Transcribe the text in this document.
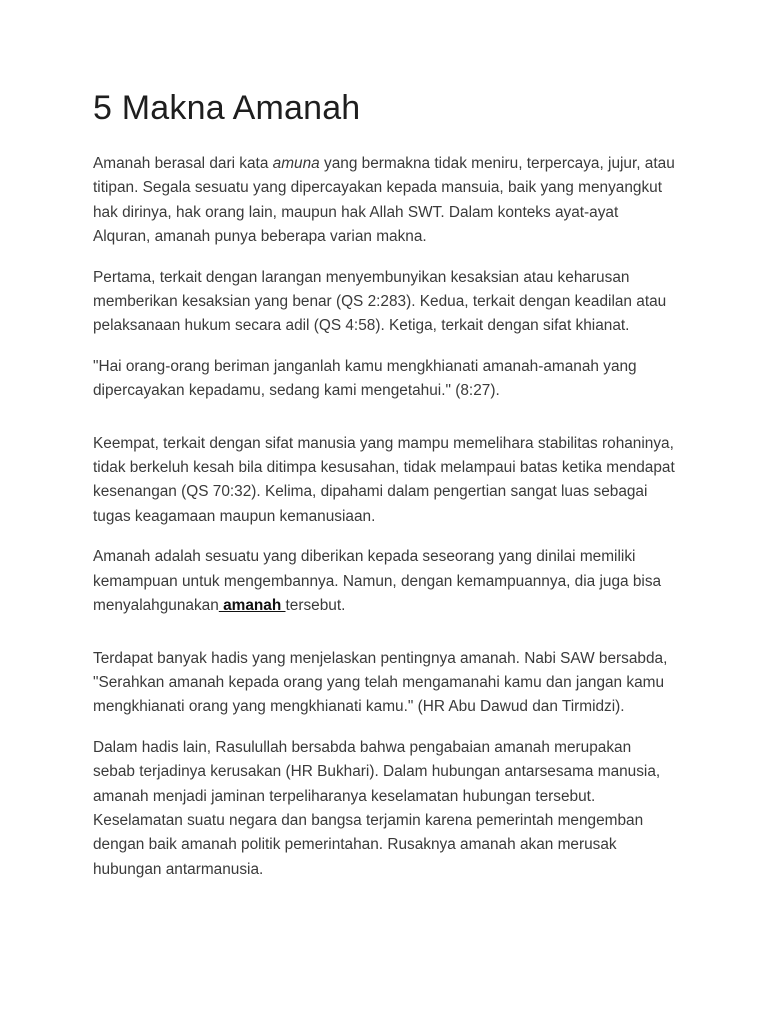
5 Makna Amanah

Amanah berasal dari kata amuna yang bermakna tidak meniru, terpercaya, jujur, atau titipan. Segala sesuatu yang dipercayakan kepada mansuia, baik yang menyangkut hak dirinya, hak orang lain, maupun hak Allah SWT. Dalam konteks ayat-ayat Alquran, amanah punya beberapa varian makna.

Pertama, terkait dengan larangan menyembunyikan kesaksian atau keharusan memberikan kesaksian yang benar (QS 2:283). Kedua, terkait dengan keadilan atau pelaksanaan hukum secara adil (QS 4:58). Ketiga, terkait dengan sifat khianat.

"Hai orang-orang beriman janganlah kamu mengkhianati amanah-amanah yang dipercayakan kepadamu, sedang kami mengetahui." (8:27).

Keempat, terkait dengan sifat manusia yang mampu memelihara stabilitas rohaninya, tidak berkeluh kesah bila ditimpa kesusahan, tidak melampaui batas ketika mendapat kesenangan (QS 70:32). Kelima, dipahami dalam pengertian sangat luas sebagai tugas keagamaan maupun kemanusiaan.

Amanah adalah sesuatu yang diberikan kepada seseorang yang dinilai memiliki kemampuan untuk mengembannya. Namun, dengan kemampuannya, dia juga bisa menyalahgunakan amanah tersebut.

Terdapat banyak hadis yang menjelaskan pentingnya amanah. Nabi SAW bersabda, "Serahkan amanah kepada orang yang telah mengamanahi kamu dan jangan kamu mengkhianati orang yang mengkhianati kamu." (HR Abu Dawud dan Tirmidzi).

Dalam hadis lain, Rasulullah bersabda bahwa pengabaian amanah merupakan sebab terjadinya kerusakan (HR Bukhari). Dalam hubungan antarsesama manusia, amanah menjadi jaminan terpeliharanya keselamatan hubungan tersebut. Keselamatan suatu negara dan bangsa terjamin karena pemerintah mengemban dengan baik amanah politik pemerintahan. Rusaknya amanah akan merusak hubungan antarmanusia.
